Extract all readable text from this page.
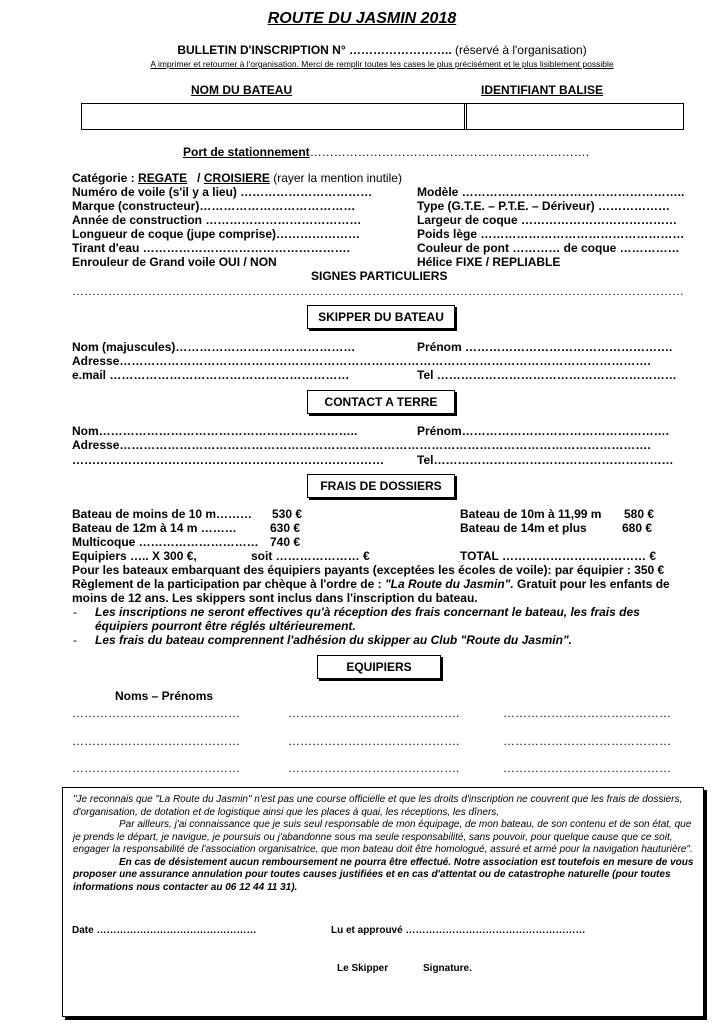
ROUTE DU JASMIN 2018
BULLETIN D'INSCRIPTION N° …………………….. (réservé à l'organisation)
A imprimer et retourner à l'organisation. Merci de remplir toutes les cases le plus précisément et le plus lisiblement possible
NOM DU BATEAU	IDENTIFIANT BALISE
Port de stationnement…………………………………………………………….
Catégorie : REGATE / CROISIERE (rayer la mention inutile)
Numéro de voile (s'il y a lieu) ……………………………	Modèle ………………………………………………..
Marque (constructeur)…………………………………	Type (G.T.E. – P.T.E. – Dériveur) ………………
Année de construction …………………………………	Largeur de coque …………………………………
Longueur de coque (jupe comprise)…………………	Poids lège ……………………………………………
Tirant d'eau …………………………………………….	Couleur de pont ………… de coque ……………
Enrouleur de Grand voile OUI / NON	Hélice FIXE / REPLIABLE
SIGNES PARTICULIERS
………………………………………………………………………………………………………………………………………
SKIPPER DU BATEAU
Nom (majuscules)………………………………………	Prénom …………………………………………….
Adresse…………………………………………………………………………………………………………………….
e.mail ……………………………………………………	Tel ……………………………………………………
CONTACT A TERRE
Nom………………………………………………………..	Prénom…………………………………………….
Adresse…………………………………………………………………………………………………………………….
……………………………………………………………………	Tel……………………………………………………
FRAIS DE DOSSIERS
Bateau de moins de 10 m……… 530 €	Bateau de 10m à 11,99 m 580 €
Bateau de 12m à 14 m ………	630 €	Bateau de 14m et plus	680 €
Multicoque ………………………… 740 €
Equipiers ….. X 300 €,	soit ………………… €	TOTAL ……………………………… €
Pour les bateaux embarquant des équipiers payants (exceptées les écoles de voile): par équipier : 350 €
Règlement de la participation par chèque à l'ordre de : "La Route du Jasmin". Gratuit pour les enfants de
moins de 12 ans. Les skippers sont inclus dans l'inscription du bateau.
- Les inscriptions ne seront effectives qu'à réception des frais concernant le bateau, les frais des
équipiers pourront être réglés ultérieurement.
- Les frais du bateau comprennent l'adhésion du skipper au Club "Route du Jasmin".
EQUIPIERS
Noms – Prénoms
……………………………………	…………………………………….	……………………………………
……………………………………	…………………………………….	……………………………………
……………………………………	…………………………………….	……………………………………

"Je reconnais que "La Route du Jasmin" n'est pas une course officielle et que les droits d'inscription ne couvrent que les frais de dossiers, d'organisation, de dotation et de logistique ainsi que les places à quai, les réceptions, les dîners,

Par ailleurs, j'ai connaissance que je suis seul responsable de mon équipage, de mon bateau, de son contenu et de son état, que je prends le départ, je navigue, je poursuis ou j'abandonne sous ma seule responsabilité, sans pouvoir, pour quelque cause que ce soit, engager la responsabilité de l'association organisatrice, que mon bateau doit être homologué, assuré et armé pour la navigation hauturière".

En cas de désistement aucun remboursement ne pourra être effectué. Notre association est toutefois en mesure de vous proposer une assurance annulation pour toutes causes justifiées et en cas d'attentat ou de catastrophe naturelle (pour toutes informations nous contacter au 06 12 44 11 31).

Date …………………………………………	Lu et approuvé ………………………………………………
Le Skipper	Signature.
